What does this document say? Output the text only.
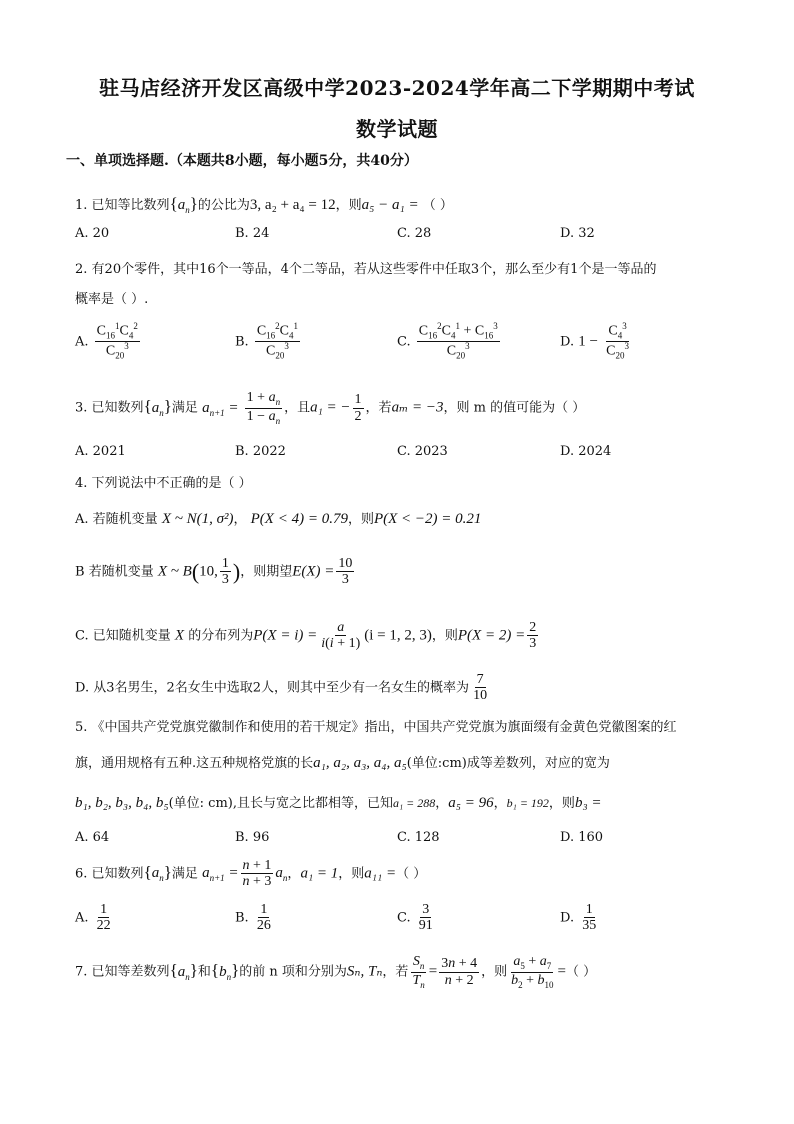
驻马店经济开发区高级中学2023-2024学年高二下学期期中考试
数学试题
一、单项选择题.（本题共8小题，每小题5分，共40分）
1. 已知等比数列$\{a_n\}$的公比为3, a₂ + a₄ = 12，则a₅ − a₁ = （ ）
A. 20	B. 24	C. 28	D. 32
2. 有20个零件，其中16个一等品，4个二等品，若从这些零件中任取3个，那么至少有1个是一等品的
概率是（ ）.
A. $\frac{C_{16}^1C_4^2}{C_{20}^3}$	B. $\frac{C_{16}^2C_4^1}{C_{20}^3}$	C. $\frac{C_{16}^2C_4^1 + C_{16}^3}{C_{20}^3}$	D. $1 - \frac{C_4^3}{C_{20}^3}$
3. 已知数列$\{a_n\}$满足 $a_{n+1} = \frac{1 + a_n}{1 - a_n}$ ，且a₁ = − $\frac{1}{2}$ ，若aₘ = −3，则 m 的值可能为（ ）
A. 2021	B. 2022	C. 2023	D. 2024
4. 下列说法中不正确的是（ ）
A. 若随机变量 X ~ N(1, σ²)， P(X < 4) = 0.79，则P(X < −2) = 0.21
B 若随机变量 X ~ B(10, $\frac{1}{3}$ )，则期望$E(X) = \frac{10}{3}$
C. 已知随机变量 X 的分布列为$P(X = i) = \frac{a}{i(i + 1)} (i = 1$, 2, 3)，则$P(X = 2) = \frac{2}{3}$
D. 从3名男生，2名女生中选取2人，则其中至少有一名女生的概率为 $\frac{7}{10}$
5. 《中国共产党党旗党徽制作和使用的若干规定》指出，中国共产党党旗为旗面缀有金黄色党徽图案的红
旗，通用规格有五种.这五种规格党旗的长a₁, a₂, a₃, a₄, a₅(单位:cm)成等差数列，对应的宽为
b₁, b₂, b₃, b₄, b₅(单位: cm),且长与宽之比都相等，已知a₁ = 288，a₅ = 96，b₁ = 192，则b₃ =
A. 64	B. 96	C. 128	D. 160
6. 已知数列$\{a_n\}$满足 $a_{n+1} = \frac{n + 1}{n + 3} a_n$，a₁ = 1，则a₁₁ =（ ）
A. $\frac{1}{22}$	B. $\frac{1}{26}$	C. $\frac{3}{91}$	D. $\frac{1}{35}$
7. 已知等差数列$\{a_n\}$和$\{b_n\}$的前 n 项和分别为Sₙ, Tₙ，若 $\frac{S_n}{T_n} = \frac{3n + 4}{n + 2}$ ，则 $\frac{a_5 + a_7}{b_2 + b_{10}}$ =（ ）
